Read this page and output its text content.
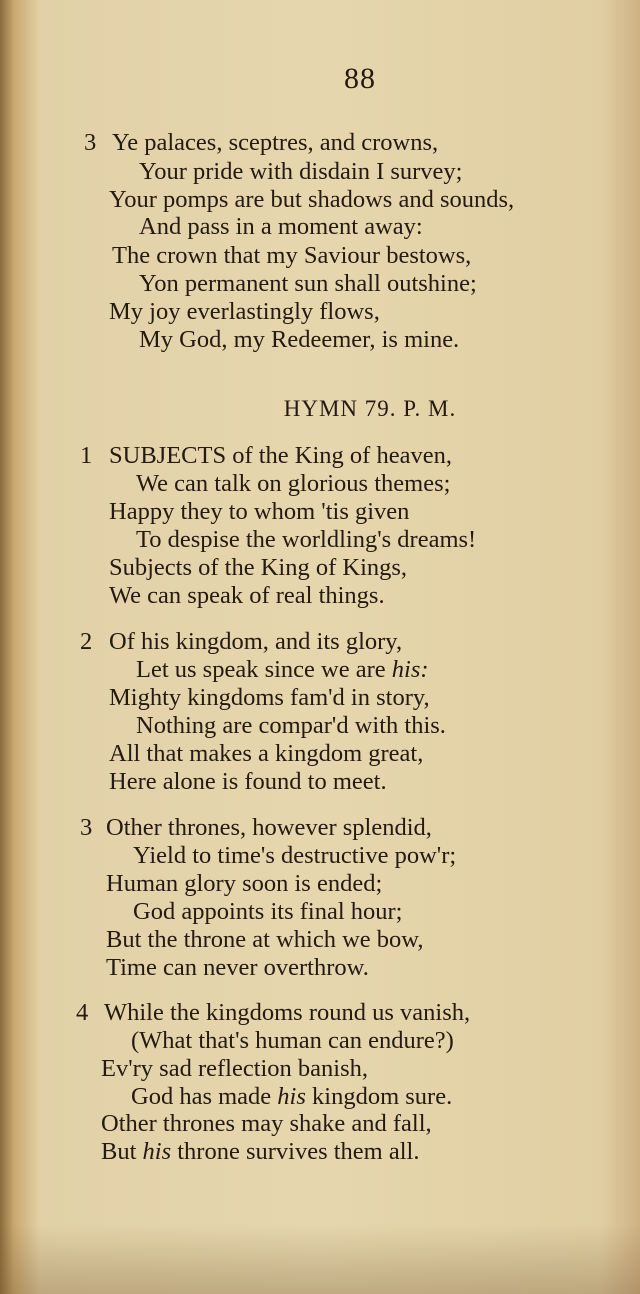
88
3 Ye palaces, sceptres, and crowns,
Your pride with disdain I survey;
Your pomps are but shadows and sounds,
And pass in a moment away:
The crown that my Saviour bestows,
Yon permanent sun shall outshine;
My joy everlastingly flows,
My God, my Redeemer, is mine.
HYMN 79. P. M.
1 SUBJECTS of the King of heaven,
We can talk on glorious themes;
Happy they to whom 'tis given
To despise the worldling's dreams!
Subjects of the King of Kings,
We can speak of real things.
2 Of his kingdom, and its glory,
Let us speak since we are his:
Mighty kingdoms fam'd in story,
Nothing are compar'd with this.
All that makes a kingdom great,
Here alone is found to meet.
3 Other thrones, however splendid,
Yield to time's destructive pow'r;
Human glory soon is ended;
God appoints its final hour;
But the throne at which we bow,
Time can never overthrow.
4 While the kingdoms round us vanish,
(What that's human can endure?)
Ev'ry sad reflection banish,
God has made his kingdom sure.
Other thrones may shake and fall,
But his throne survives them all.
